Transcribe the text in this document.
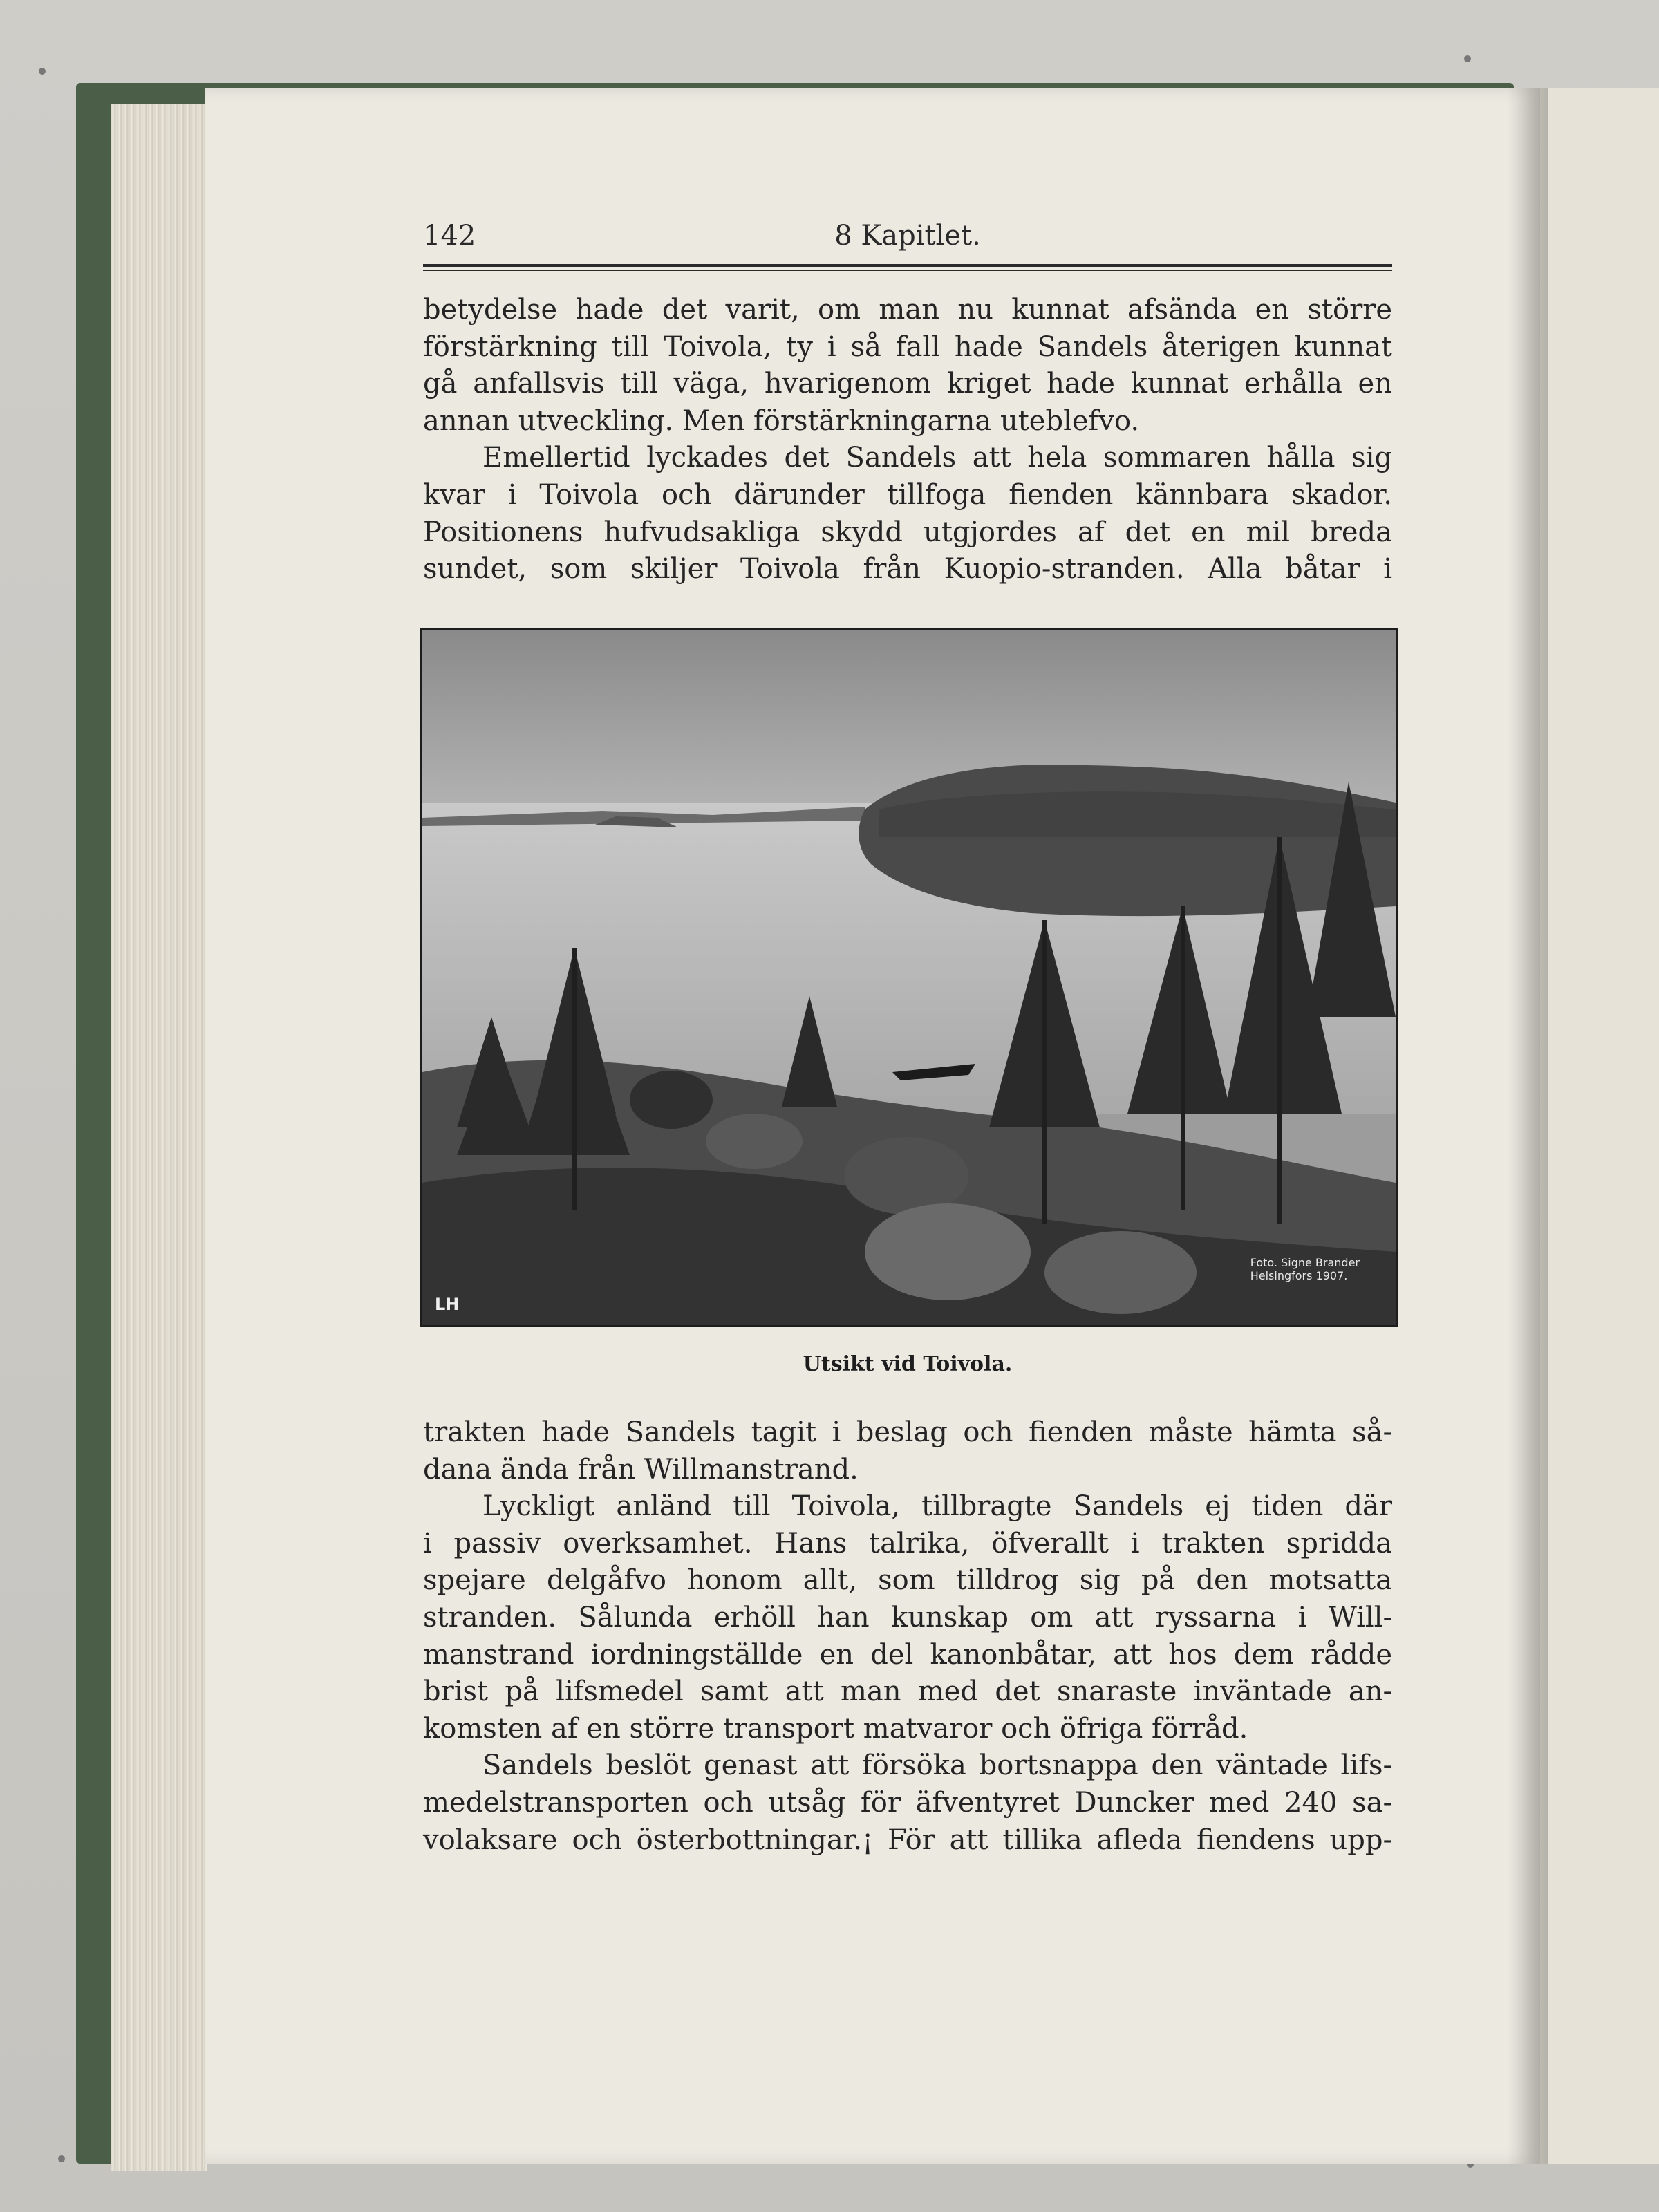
142	8 Kapitlet.
betydelse hade det varit, om man nu kunnat afsända en större
förstärkning till Toivola, ty i så fall hade Sandels återigen kunnat
gå anfallsvis till väga, hvarigenom kriget hade kunnat erhålla en
annan utveckling. Men förstärkningarna uteblefvo.
Emellertid lyckades det Sandels att hela sommaren hålla sig
kvar i Toivola och därunder tillfoga fienden kännbara skador.
Positionens hufvudsakliga skydd utgjordes af det en mil breda
sundet, som skiljer Toivola från Kuopio-stranden. Alla båtar i
Foto. Signe Brander
Helsingfors 1907.
LH
Utsikt vid Toivola.
trakten hade Sandels tagit i beslag och fienden måste hämta så-
dana ända från Willmanstrand.
Lyckligt anländ till Toivola, tillbragte Sandels ej tiden där
i passiv overksamhet. Hans talrika, öfverallt i trakten spridda
spejare delgåfvo honom allt, som tilldrog sig på den motsatta
stranden. Sålunda erhöll han kunskap om att ryssarna i Will-
manstrand iordningställde en del kanonbåtar, att hos dem rådde
brist på lifsmedel samt att man med det snaraste inväntade an-
komsten af en större transport matvaror och öfriga förråd.
Sandels beslöt genast att försöka bortsnappa den väntade lifs-
medelstransporten och utsåg för äfventyret Duncker med 240 sa-
volaksare och österbottningar.¡ För att tillika afleda fiendens upp-
